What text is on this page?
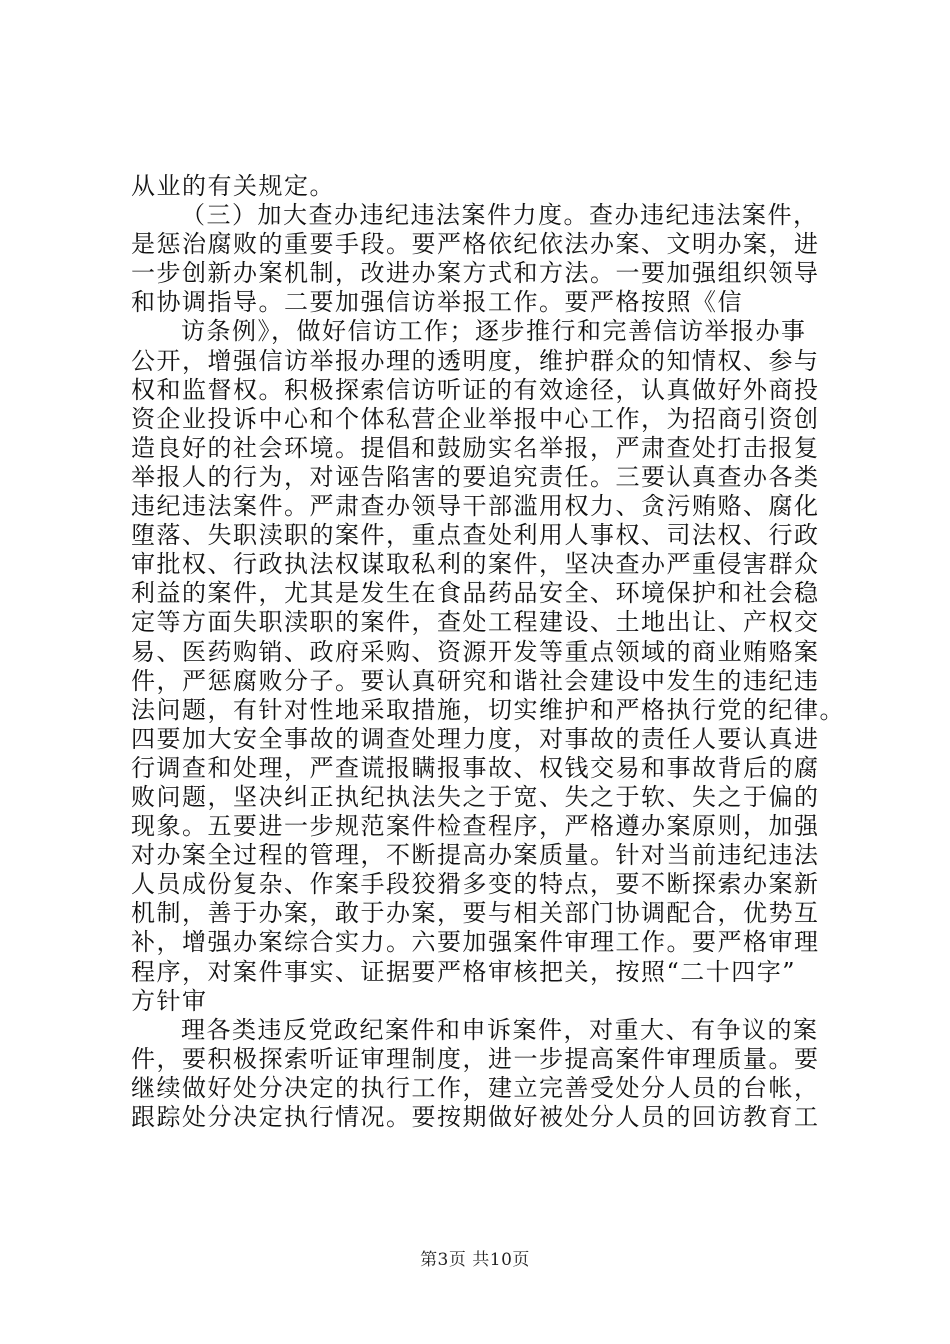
从业的有关规定。
（三）加大查办违纪违法案件力度。查办违纪违法案件，
是惩治腐败的重要手段。要严格依纪依法办案、文明办案，进
一步创新办案机制，改进办案方式和方法。一要加强组织领导
和协调指导。二要加强信访举报工作。要严格按照《信
访条例》，做好信访工作；逐步推行和完善信访举报办事
公开，增强信访举报办理的透明度，维护群众的知情权、参与
权和监督权。积极探索信访听证的有效途径，认真做好外商投
资企业投诉中心和个体私营企业举报中心工作，为招商引资创
造良好的社会环境。提倡和鼓励实名举报，严肃查处打击报复
举报人的行为，对诬告陷害的要追究责任。三要认真查办各类
违纪违法案件。严肃查办领导干部滥用权力、贪污贿赂、腐化
堕落、失职渎职的案件，重点查处利用人事权、司法权、行政
审批权、行政执法权谋取私利的案件，坚决查办严重侵害群众
利益的案件，尤其是发生在食品药品安全、环境保护和社会稳
定等方面失职渎职的案件，查处工程建设、土地出让、产权交
易、医药购销、政府采购、资源开发等重点领域的商业贿赂案
件，严惩腐败分子。要认真研究和谐社会建设中发生的违纪违
法问题，有针对性地采取措施，切实维护和严格执行党的纪律。
四要加大安全事故的调查处理力度，对事故的责任人要认真进
行调查和处理，严查谎报瞒报事故、权钱交易和事故背后的腐
败问题，坚决纠正执纪执法失之于宽、失之于软、失之于偏的
现象。五要进一步规范案件检查程序，严格遵办案原则，加强
对办案全过程的管理，不断提高办案质量。针对当前违纪违法
人员成份复杂、作案手段狡猾多变的特点，要不断探索办案新
机制，善于办案，敢于办案，要与相关部门协调配合，优势互
补，增强办案综合实力。六要加强案件审理工作。要严格审理
程序，对案件事实、证据要严格审核把关，按照“二十四字”
方针审
理各类违反党政纪案件和申诉案件，对重大、有争议的案
件，要积极探索听证审理制度，进一步提高案件审理质量。要
继续做好处分决定的执行工作，建立完善受处分人员的台帐，
跟踪处分决定执行情况。要按期做好被处分人员的回访教育工
第3页 共10页
